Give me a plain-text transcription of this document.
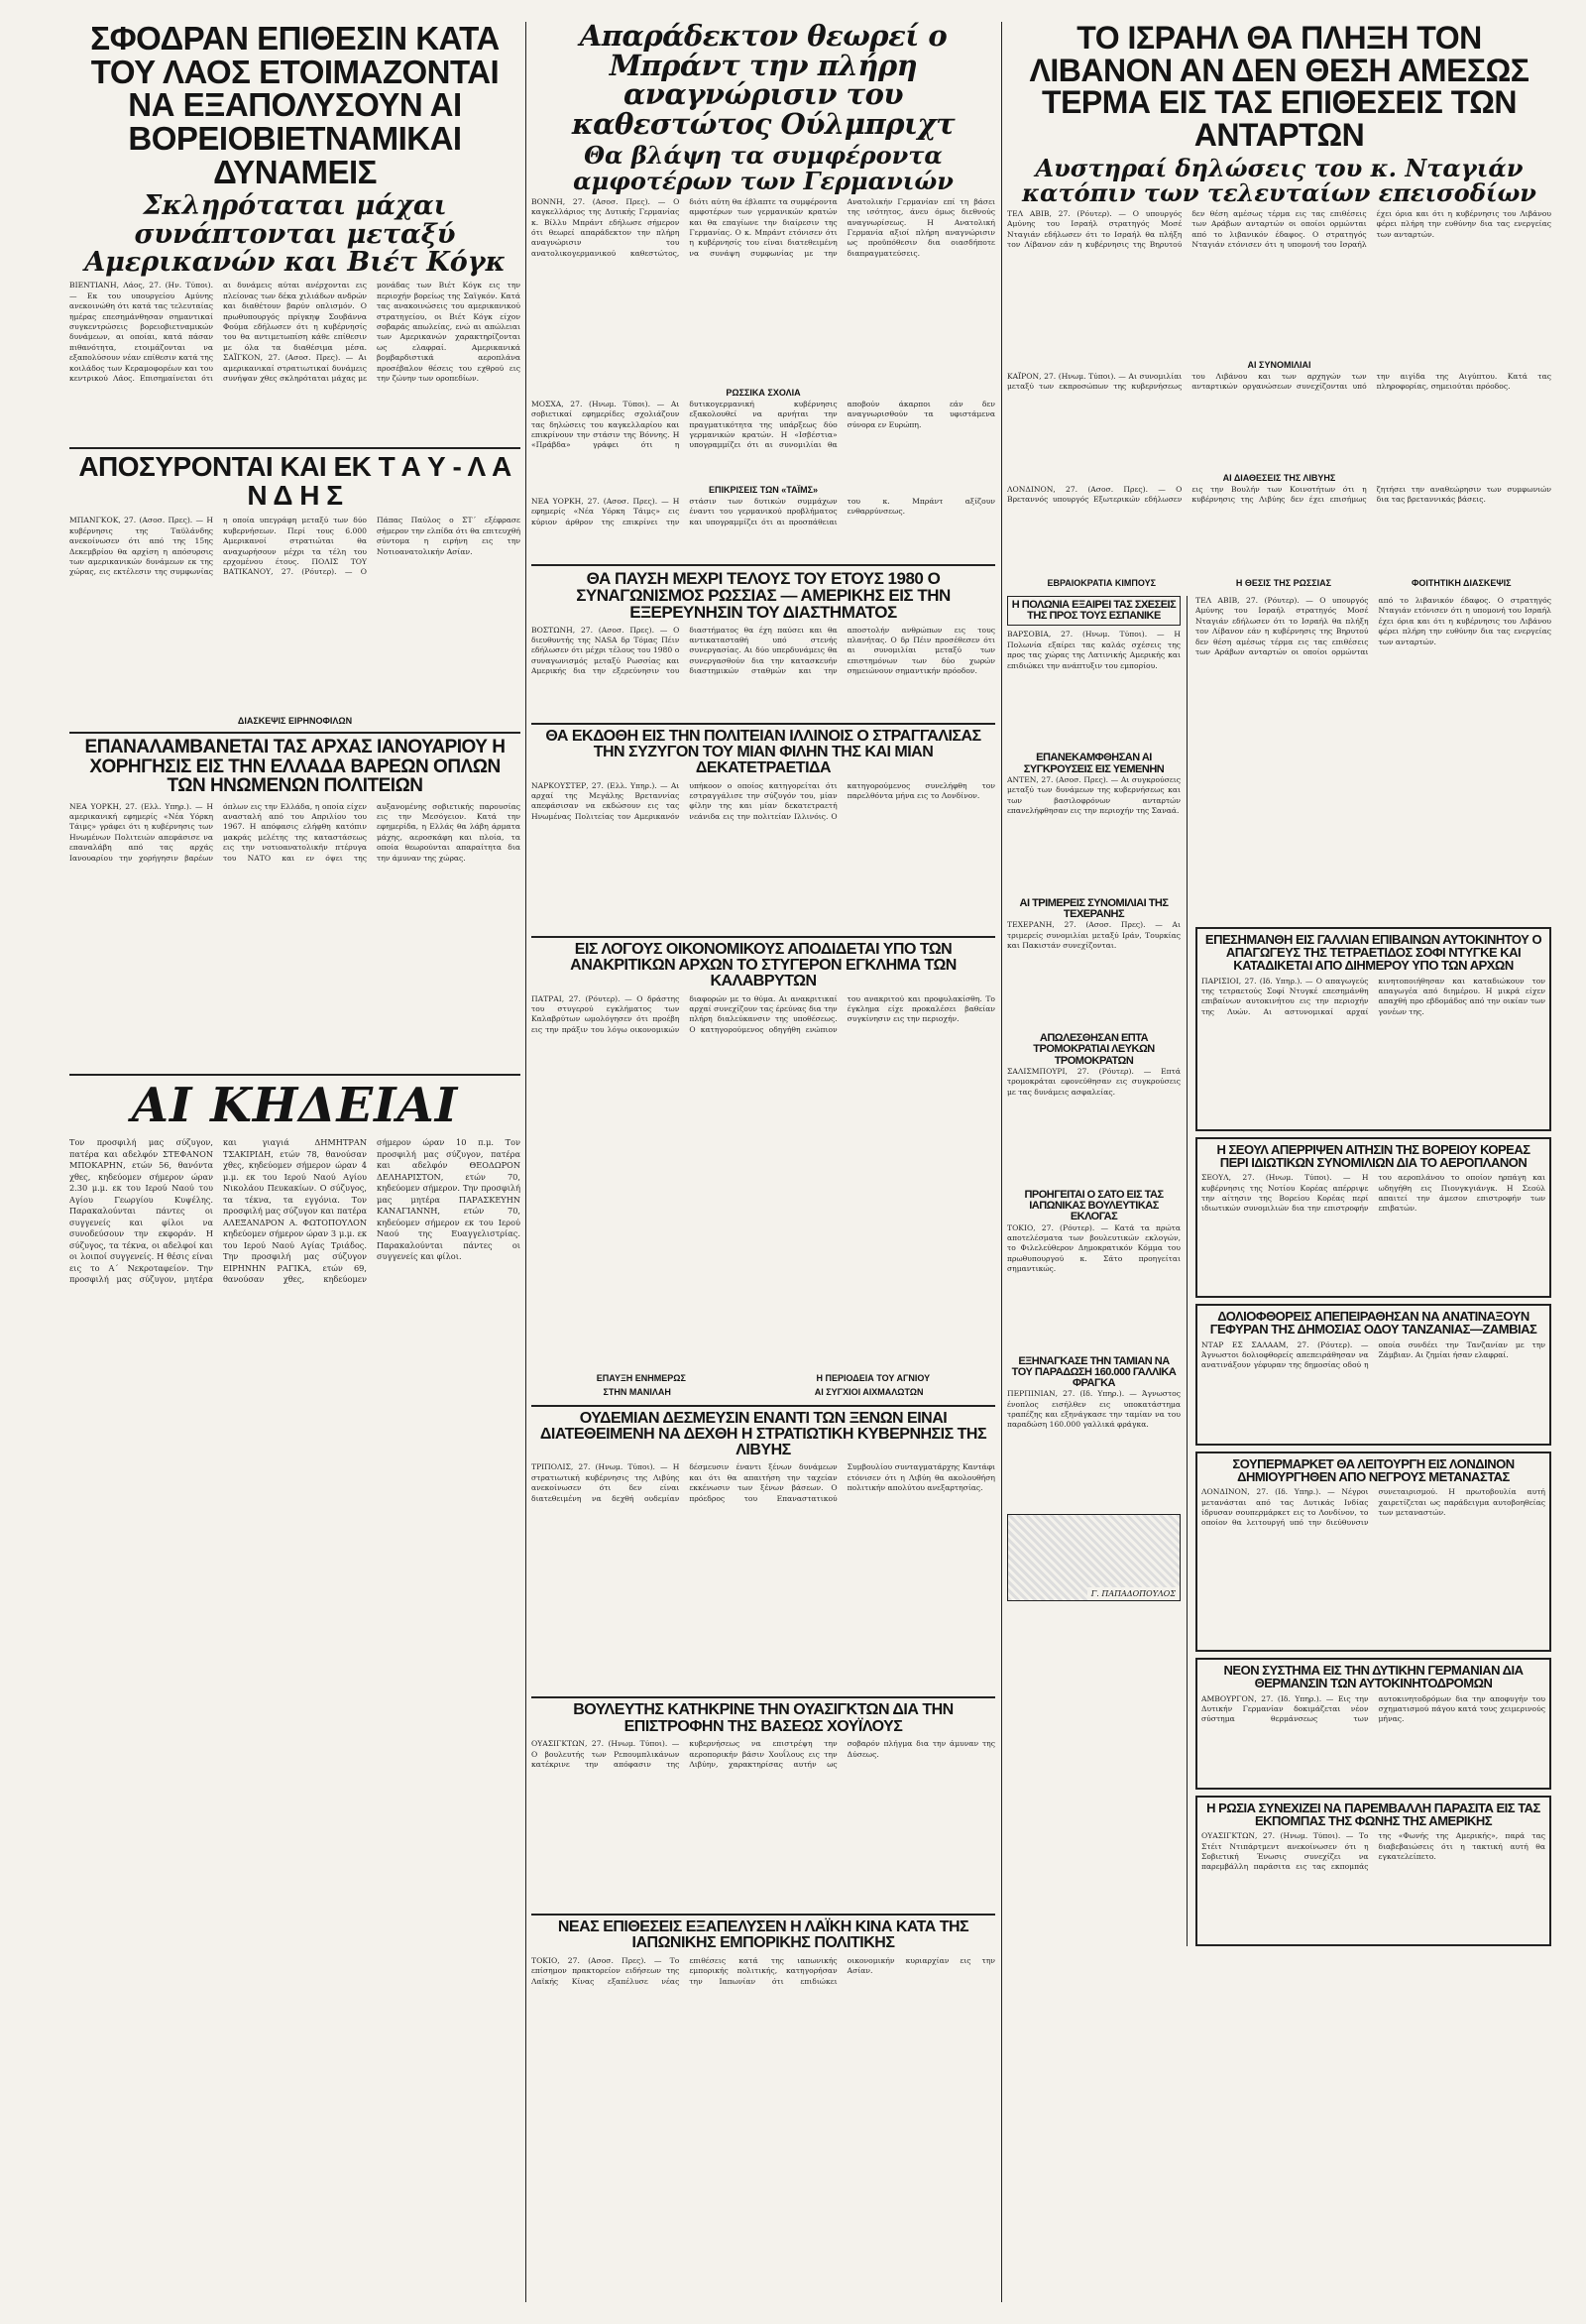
ΣΦΟΔΡΑΝ ΕΠΙΘΕΣΙΝ ΚΑΤΑ ΤΟΥ ΛΑΟΣ ΕΤΟΙΜΑΖΟΝΤΑΙ ΝΑ ΕΞΑΠΟΛΥΣΟΥΝ ΑΙ ΒΟΡΕΙΟΒΙΕΤΝΑΜΙΚΑΙ ΔΥΝΑΜΕΙΣ
Σκληρόταται μάχαι συνάπτονται μεταξύ Αμερικανών και Βιέτ Κόγκ
ΒΙΕΝΤΙΑΝΗ, Λάος, 27. (Ην. Τύποι). — Εκ του υπουργείου Αμύνης ανεκοινώθη ότι κατά τας τελευταίας ημέρας επεσημάνθησαν σημαντικαί συγκεντρώσεις βορειοβιετναμικών δυνάμεων, αι οποίαι, κατά πάσαν πιθανότητα, ετοιμάζονται να εξαπολύσουν νέαν επίθεσιν κατά της κοιλάδος των Κεραμοφορέων και του κεντρικού Λάος. Επισημαίνεται ότι αι δυνάμεις αύται ανέρχονται εις πλείονας των δέκα χιλιάδων ανδρών και διαθέτουν βαρύν οπλισμόν. Ο πρωθυπουργός πρίγκηψ Σουβάννα Φούμα εδήλωσεν ότι η κυβέρνησίς του θα αντιμετωπίση κάθε επίθεσιν με όλα τα διαθέσιμα μέσα. ΣΑΪΓΚΟΝ, 27. (Ασοσ. Πρες). — Αι αμερικανικαί στρατιωτικαί δυνάμεις συνήψαν χθες σκληρόταται μάχας με μονάδας των Βιέτ Κόγκ εις την περιοχήν βορείως της Σαϊγκόν. Κατά τας ανακοινώσεις του αμερικανικού στρατηγείου, οι Βιέτ Κόγκ είχον σοβαράς απωλείας, ενώ αι απώλειαι των Αμερικανών χαρακτηρίζονται ως ελαφραί. Αμερικανικά βομβαρδιστικά αεροπλάνα προσέβαλον θέσεις του εχθρού εις την ζώνην των οροπεδίων.
ΑΠΟΣΥΡΟΝΤΑΙ ΚΑΙ ΕΚ Τ Α Υ - Λ Α Ν Δ Η Σ
ΜΠΑΝΓΚΟΚ, 27. (Ασοσ. Πρες). — Η κυβέρνησις της Ταϋλάνδης ανεκοίνωσεν ότι από της 15ης Δεκεμβρίου θα αρχίση η απόσυρσις των αμερικανικών δυνάμεων εκ της χώρας, εις εκτέλεσιν της συμφωνίας η οποία υπεγράφη μεταξύ των δύο κυβερνήσεων. Περί τους 6.000 Αμερικανοί στρατιώται θα αναχωρήσουν μέχρι τα τέλη του ερχομένου έτους. ΠΟΛΙΣ ΤΟΥ ΒΑΤΙΚΑΝΟΥ, 27. (Ρόυτερ). — Ο Πάπας Παύλος ο ΣΤ΄ εξέφρασε σήμερον την ελπίδα ότι θα επιτευχθή σύντομα η ειρήνη εις την Νοτιοανατολικήν Ασίαν.
ΔΙΑΣΚΕΨΙΣ ΕΙΡΗΝΟΦΙΛΩΝ
ΕΠΑΝΑΛΑΜΒΑΝΕΤΑΙ ΤΑΣ ΑΡΧΑΣ ΙΑΝΟΥΑΡΙΟΥ Η ΧΟΡΗΓΗΣΙΣ ΕΙΣ ΤΗΝ ΕΛΛΑΔΑ ΒΑΡΕΩΝ ΟΠΛΩΝ ΤΩΝ ΗΝΩΜΕΝΩΝ ΠΟΛΙΤΕΙΩΝ
ΝΕΑ ΥΟΡΚΗ, 27. (Ελλ. Υπηρ.). — Η αμερικανική εφημερίς «Νέα Υόρκη Τάιμς» γράφει ότι η κυβέρνησις των Ηνωμένων Πολιτειών απεφάσισε να επαναλάβη από τας αρχάς Ιανουαρίου την χορήγησιν βαρέων όπλων εις την Ελλάδα, η οποία είχεν ανασταλή από του Απριλίου του 1967. Η απόφασις ελήφθη κατόπιν μακράς μελέτης της καταστάσεως εις την νοτιοανατολικήν πτέρυγα του ΝΑΤΟ και εν όψει της αυξανομένης σοβιετικής παρουσίας εις την Μεσόγειον. Κατά την εφημερίδα, η Ελλάς θα λάβη άρματα μάχης, αεροσκάφη και πλοία, τα οποία θεωρούνται απαραίτητα δια την άμυναν της χώρας.
ΑΙ ΚΗΔΕΙΑΙ
Τον προσφιλή μας σύζυγον, πατέρα και αδελφόν ΣΤΕΦΑΝΟΝ ΜΠΟΚΑΡΗΝ, ετών 56, θανόντα χθες, κηδεύομεν σήμερον ώραν 2.30 μ.μ. εκ του Ιερού Ναού του Αγίου Γεωργίου Κυψέλης. Παρακαλούνται πάντες οι συγγενείς και φίλοι να συνοδεύσουν την εκφοράν. Η σύζυγος, τα τέκνα, οι αδελφοί και οι λοιποί συγγενείς. Η θέσις είναι εις το Α΄ Νεκροταφείον. Την προσφιλή μας σύζυγον, μητέρα και γιαγιά ΔΗΜΗΤΡΑΝ ΤΣΑΚΙΡΙΔΗ, ετών 78, θανούσαν χθες, κηδεύομεν σήμερον ώραν 4 μ.μ. εκ του Ιερού Ναού Αγίου Νικολάου Πευκακίων. Ο σύζυγος, τα τέκνα, τα εγγόνια. Τον προσφιλή μας σύζυγον και πατέρα ΑΛΕΞΑΝΔΡΟΝ Α. ΦΩΤΟΠΟΥΛΟΝ κηδεύομεν σήμερον ώραν 3 μ.μ. εκ του Ιερού Ναού Αγίας Τριάδος. Την προσφιλή μας σύζυγον ΕΙΡΗΝΗΝ ΡΑΓΙΚΑ, ετών 69, θανούσαν χθες, κηδεύομεν σήμερον ώραν 10 π.μ. Τον προσφιλή μας σύζυγον, πατέρα και αδελφόν ΘΕΟΔΩΡΟΝ ΔΕΛΗΑΡΙΣΤΟΝ, ετών 70, κηδεύομεν σήμερον. Την προσφιλή μας μητέρα ΠΑΡΑΣΚΕΥΗΝ ΚΑΝΑΓΙΑΝΝΗ, ετών 70, κηδεύομεν σήμερον εκ του Ιερού Ναού της Ευαγγελιστρίας. Παρακαλούνται πάντες οι συγγενείς και φίλοι.
Απαράδεκτον θεωρεί ο Μπράντ την πλήρη αναγνώρισιν του καθεστώτος Ούλμπριχτ
Θα βλάψη τα συμφέροντα αμφοτέρων των Γερμανιών
ΒΟΝΝΗ, 27. (Ασοσ. Πρες). — Ο καγκελλάριος της Δυτικής Γερμανίας κ. Βίλλυ Μπράντ εδήλωσε σήμερον ότι θεωρεί απαράδεκτον την πλήρη αναγνώρισιν του ανατολικογερμανικού καθεστώτος, διότι αύτη θα έβλαπτε τα συμφέροντα αμφοτέρων των γερμανικών κρατών και θα επαγίωνε την διαίρεσιν της Γερμανίας. Ο κ. Μπράντ ετόνισεν ότι η κυβέρνησίς του είναι διατεθειμένη να συνάψη συμφωνίας με την Ανατολικήν Γερμανίαν επί τη βάσει της ισότητος, άνευ όμως διεθνούς αναγνωρίσεως. Η Ανατολική Γερμανία αξιοί πλήρη αναγνώρισιν ως προϋπόθεσιν δια οιασδήποτε διαπραγματεύσεις.
ΡΩΣΣΙΚΑ ΣΧΟΛΙΑ
ΜΟΣΧΑ, 27. (Ηνωμ. Τύποι). — Αι σοβιετικαί εφημερίδες σχολιάζουν τας δηλώσεις του καγκελλαρίου και επικρίνουν την στάσιν της Βόννης. Η «Πράβδα» γράφει ότι η δυτικογερμανική κυβέρνησις εξακολουθεί να αρνήται την πραγματικότητα της υπάρξεως δύο γερμανικών κρατών. Η «Ισβέστια» υπογραμμίζει ότι αι συνομιλίαι θα αποβούν άκαρποι εάν δεν αναγνωρισθούν τα υφιστάμενα σύνορα εν Ευρώπη.
ΕΠΙΚΡΙΣΕΙΣ ΤΩΝ «ΤΑΪΜΣ»
ΝΕΑ ΥΟΡΚΗ, 27. (Ασοσ. Πρες). — Η εφημερίς «Νέα Υόρκη Τάιμς» εις κύριον άρθρον της επικρίνει την στάσιν των δυτικών συμμάχων έναντι του γερμανικού προβλήματος και υπογραμμίζει ότι αι προσπάθειαι του κ. Μπράντ αξίζουν ενθαρρύνσεως.
ΘΑ ΠΑΥΣΗ ΜΕΧΡΙ ΤΕΛΟΥΣ ΤΟΥ ΕΤΟΥΣ 1980 Ο ΣΥΝΑΓΩΝΙΣΜΟΣ ΡΩΣΣΙΑΣ — ΑΜΕΡΙΚΗΣ ΕΙΣ ΤΗΝ ΕΞΕΡΕΥΝΗΣΙΝ ΤΟΥ ΔΙΑΣΤΗΜΑΤΟΣ
ΒΟΣΤΩΝΗ, 27. (Ασοσ. Πρες). — Ο διευθυντής της NASA δρ Τόμας Πέιν εδήλωσεν ότι μέχρι τέλους του 1980 ο συναγωνισμός μεταξύ Ρωσσίας και Αμερικής δια την εξερεύνησιν του διαστήματος θα έχη παύσει και θα αντικατασταθή υπό στενής συνεργασίας. Αι δύο υπερδυνάμεις θα συνεργασθούν δια την κατασκευήν διαστημικών σταθμών και την αποστολήν ανθρώπων εις τους πλανήτας. Ο δρ Πέιν προσέθεσεν ότι αι συνομιλίαι μεταξύ των επιστημόνων των δύο χωρών σημειώνουν σημαντικήν πρόοδον.
ΘΑ ΕΚΔΟΘΗ ΕΙΣ ΤΗΝ ΠΟΛΙΤΕΙΑΝ ΙΛΛΙΝΟΙΣ Ο ΣΤΡΑΓΓΑΛΙΣΑΣ ΤΗΝ ΣΥΖΥΓΟΝ ΤΟΥ ΜΙΑΝ ΦΙΛΗΝ ΤΗΣ ΚΑΙ ΜΙΑΝ ΔΕΚΑΤΕΤΡΑΕΤΙΔΑ
ΝΑΡΚΟΥΣΤΕΡ, 27. (Ελλ. Υπηρ.). — Αι αρχαί της Μεγάλης Βρεταννίας απεφάσισαν να εκδώσουν εις τας Ηνωμένας Πολιτείας τον Αμερικανόν υπήκοον ο οποίος κατηγορείται ότι εστραγγάλισε την σύζυγόν του, μίαν φίλην της και μίαν δεκατετραετή νεάνιδα εις την πολιτείαν Ιλλινόις. Ο κατηγορούμενος συνελήφθη τον παρελθόντα μήνα εις το Λονδίνον.
ΕΙΣ ΛΟΓΟΥΣ ΟΙΚΟΝΟΜΙΚΟΥΣ ΑΠΟΔΙΔΕΤΑΙ ΥΠΟ ΤΩΝ ΑΝΑΚΡΙΤΙΚΩΝ ΑΡΧΩΝ ΤΟ ΣΤΥΓΕΡΟΝ ΕΓΚΛΗΜΑ ΤΩΝ ΚΑΛΑΒΡΥΤΩΝ
ΠΑΤΡΑΙ, 27. (Ρόυτερ). — Ο δράστης του στυγερού εγκλήματος των Καλαβρύτων ωμολόγησεν ότι προέβη εις την πράξιν του λόγω οικονομικών διαφορών με το θύμα. Αι ανακριτικαί αρχαί συνεχίζουν τας έρεύνας δια την πλήρη διαλεύκανσιν της υποθέσεως. Ο κατηγορούμενος οδηγήθη ενώπιον του ανακριτού και προφυλακίσθη. Το έγκλημα είχε προκαλέσει βαθείαν συγκίνησιν εις την περιοχήν.
ΕΠΑΥΞΗ ΕΝΗΜΕΡΩΣ	Η ΠΕΡΙΟΔΕΙΑ ΤΟΥ ΑΓΝΙΟΥ
ΣΤΗΝ ΜΑΝΙΛΑΗ	ΑΙ ΣΥΓΧΙΟΙ ΑΙΧΜΑΛΩΤΩΝ
ΟΥΔΕΜΙΑΝ ΔΕΣΜΕΥΣΙΝ ΕΝΑΝΤΙ ΤΩΝ ΞΕΝΩΝ ΕΙΝΑΙ ΔΙΑΤΕΘΕΙΜΕΝΗ ΝΑ ΔΕΧΘΗ Η ΣΤΡΑΤΙΩΤΙΚΗ ΚΥΒΕΡΝΗΣΙΣ ΤΗΣ ΛΙΒΥΗΣ
ΤΡΙΠΟΛΙΣ, 27. (Ηνωμ. Τύποι). — Η στρατιωτική κυβέρνησις της Λιβύης ανεκοίνωσεν ότι δεν είναι διατεθειμένη να δεχθή ουδεμίαν δέσμευσιν έναντι ξένων δυνάμεων και ότι θα απαιτήση την ταχείαν εκκένωσιν των ξένων βάσεων. Ο πρόεδρος του Επαναστατικού Συμβουλίου συνταγματάρχης Καντάφι ετόνισεν ότι η Λιβύη θα ακολουθήση πολιτικήν απολύτου ανεξαρτησίας.
ΒΟΥΛΕΥΤΗΣ ΚΑΤΗΚΡΙΝΕ ΤΗΝ ΟΥΑΣΙΓΚΤΩΝ ΔΙΑ ΤΗΝ ΕΠΙΣΤΡΟΦΗΝ ΤΗΣ ΒΑΣΕΩΣ ΧΟΥΪΛΟΥΣ
ΟΥΑΣΙΓΚΤΩΝ, 27. (Ηνωμ. Τύποι). — Ο βουλευτής των Ρεπουμπλικάνων κατέκρινε την απόφασιν της κυβερνήσεως να επιστρέψη την αεροπορικήν βάσιν Χουΐλους εις την Λιβύην, χαρακτηρίσας αυτήν ως σοβαρόν πλήγμα δια την άμυναν της Δύσεως.
ΝΕΑΣ ΕΠΙΘΕΣΕΙΣ ΕΞΑΠΕΛΥΣΕΝ Η ΛΑΪΚΗ ΚΙΝΑ ΚΑΤΑ ΤΗΣ ΙΑΠΩΝΙΚΗΣ ΕΜΠΟΡΙΚΗΣ ΠΟΛΙΤΙΚΗΣ
ΤΟΚΙΟ, 27. (Ασοσ. Πρες). — Το επίσημον πρακτορείον ειδήσεων της Λαϊκής Κίνας εξαπέλυσε νέας επιθέσεις κατά της ιαπωνικής εμπορικής πολιτικής, κατηγορήσαν την Ιαπωνίαν ότι επιδιώκει οικονομικήν κυριαρχίαν εις την Ασίαν.
ΤΟ ΙΣΡΑΗΛ ΘΑ ΠΛΗΞΗ ΤΟΝ ΛΙΒΑΝΟΝ ΑΝ ΔΕΝ ΘΕΣΗ ΑΜΕΣΩΣ ΤΕΡΜΑ ΕΙΣ ΤΑΣ ΕΠΙΘΕΣΕΙΣ ΤΩΝ ΑΝΤΑΡΤΩΝ
Αυστηραί δηλώσεις του κ. Νταγιάν κατόπιν των τελευταίων επεισοδίων
ΤΕΛ ΑΒΙΒ, 27. (Ρόυτερ). — Ο υπουργός Αμύνης του Ισραήλ στρατηγός Μοσέ Νταγιάν εδήλωσεν ότι το Ισραήλ θα πλήξη τον Λίβανον εάν η κυβέρνησις της Βηρυτού δεν θέση αμέσως τέρμα εις τας επιθέσεις των Αράβων ανταρτών οι οποίοι ορμώνται από το λιβανικόν έδαφος. Ο στρατηγός Νταγιάν ετόνισεν ότι η υπομονή του Ισραήλ έχει όρια και ότι η κυβέρνησις του Λιβάνου φέρει πλήρη την ευθύνην δια τας ενεργείας των ανταρτών.
ΑΙ ΣΥΝΟΜΙΛΙΑΙ
ΚΑΪΡΟΝ, 27. (Ηνωμ. Τύποι). — Αι συνομιλίαι μεταξύ των εκπροσώπων της κυβερνήσεως του Λιβάνου και των αρχηγών των ανταρτικών οργανώσεων συνεχίζονται υπό την αιγίδα της Αιγύπτου. Κατά τας πληροφορίας, σημειούται πρόοδος.
ΑΙ ΔΙΑΘΕΣΕΙΣ ΤΗΣ ΛΙΒΥΗΣ
ΛΟΝΔΙΝΟΝ, 27. (Ασοσ. Πρες). — Ο Βρεταννός υπουργός Εξωτερικών εδήλωσεν εις την Βουλήν των Κοινοτήτων ότι η κυβέρνησις της Λιβύης δεν έχει επισήμως ζητήσει την αναθεώρησιν των συμφωνιών δια τας βρεταννικάς βάσεις.
ΕΒΡΑΙΟΚΡΑΤΙΑ ΚΙΜΠΟΥΣ	Η ΘΕΣΙΣ ΤΗΣ ΡΩΣΣΙΑΣ	ΦΟΙΤΗΤΙΚΗ ΔΙΑΣΚΕΨΙΣ
Η ΠΟΛΩΝΙΑ ΕΞΑΙΡΕΙ ΤΑΣ ΣΧΕΣΕΙΣ ΤΗΣ ΠΡΟΣ ΤΟΥΣ ΕΣΠΑΝΙΚΕ
ΒΑΡΣΟΒΙΑ, 27. (Ηνωμ. Τύποι). — Η Πολωνία εξαίρει τας καλάς σχέσεις της προς τας χώρας της Λατινικής Αμερικής και επιδιώκει την ανάπτυξιν του εμπορίου.
ΕΠΑΝΕΚΑΜΦΘΗΣΑΝ ΑΙ ΣΥΓΚΡΟΥΣΕΙΣ ΕΙΣ ΥΕΜΕΝΗΝ
ΑΝΤΕΝ, 27. (Ασοσ. Πρες). — Αι συγκρούσεις μεταξύ των δυνάμεων της κυβερνήσεως και των βασιλοφρόνων ανταρτών επανελήφθησαν εις την περιοχήν της Σαναά.
ΑΙ ΤΡΙΜΕΡΕΙΣ ΣΥΝΟΜΙΛΙΑΙ ΤΗΣ ΤΕΧΕΡΑΝΗΣ
ΤΕΧΕΡΑΝΗ, 27. (Ασοσ. Πρες). — Αι τριμερείς συνομιλίαι μεταξύ Ιράν, Τουρκίας και Πακιστάν συνεχίζονται.
ΑΠΩΛΕΣΘΗΣΑΝ ΕΠΤΑ ΤΡΟΜΟΚΡΑΤΙΑΙ ΛΕΥΚΩΝ ΤΡΟΜΟΚΡΑΤΩΝ
ΣΑΛΙΣΜΠΟΥΡΙ, 27. (Ρόυτερ). — Επτά τρομοκράται εφονεύθησαν εις συγκρούσεις με τας δυνάμεις ασφαλείας.
ΠΡΟΗΓΕΙΤΑΙ Ο ΣΑΤΟ ΕΙΣ ΤΑΣ ΙΑΠΩΝΙΚΑΣ ΒΟΥΛΕΥΤΙΚΑΣ ΕΚΛΟΓΑΣ
ΤΟΚΙΟ, 27. (Ρόυτερ). — Κατά τα πρώτα αποτελέσματα των βουλευτικών εκλογών, το Φιλελεύθερον Δημοκρατικόν Κόμμα του πρωθυπουργού κ. Σάτο προηγείται σημαντικώς.
ΕΞΗΝΑΓΚΑΣΕ ΤΗΝ ΤΑΜΙΑΝ ΝΑ ΤΟΥ ΠΑΡΑΔΩΣΗ 160.000 ΓΑΛΛΙΚΑ ΦΡΑΓΚΑ
ΠΕΡΠΙΝΙΑΝ, 27. (Ιδ. Υπηρ.). — Άγνωστος ένοπλος εισήλθεν εις υποκατάστημα τραπέζης και εξηνάγκασε την ταμίαν να του παραδώση 160.000 γαλλικά φράγκα.
Γ. ΠΑΠΑΔΟΠΟΥΛΟΣ
ΤΕΛ ΑΒΙΒ, 27. (Ρόυτερ). — Ο υπουργός Αμύνης του Ισραήλ στρατηγός Μοσέ Νταγιάν εδήλωσεν ότι το Ισραήλ θα πλήξη τον Λίβανον εάν η κυβέρνησις της Βηρυτού δεν θέση αμέσως τέρμα εις τας επιθέσεις των Αράβων ανταρτών οι οποίοι ορμώνται από το λιβανικόν έδαφος. Ο στρατηγός Νταγιάν ετόνισεν ότι η υπομονή του Ισραήλ έχει όρια και ότι η κυβέρνησις του Λιβάνου φέρει πλήρη την ευθύνην δια τας ενεργείας των ανταρτών.
ΕΠΕΣΗΜΑΝΘΗ ΕΙΣ ΓΑΛΛΙΑΝ ΕΠΙΒΑΙΝΩΝ ΑΥΤΟΚΙΝΗΤΟΥ Ο ΑΠΑΓΩΓΕΥΣ ΤΗΣ ΤΕΤΡΑΕΤΙΔΟΣ ΣΟΦΙ ΝΤΥΓΚΕ ΚΑΙ ΚΑΤΑΔΙΚΕΤΑΙ ΑΠΟ ΔΙΗΜΕΡΟΥ ΥΠΟ ΤΩΝ ΑΡΧΩΝ
ΠΑΡΙΣΙΟΙ, 27. (Ιδ. Υπηρ.). — Ο απαγωγεύς της τετραετούς Σοφί Ντυγκέ επεσημάνθη επιβαίνων αυτοκινήτου εις την περιοχήν της Λυών. Αι αστυνομικαί αρχαί κινητοποιήθησαν και καταδιώκουν τον απαγωγέα από διημέρου. Η μικρά είχεν απαχθή προ εβδομάδος από την οικίαν των γονέων της.
Η ΣΕΟΥΛ ΑΠΕΡΡΙΨΕΝ ΑΙΤΗΣΙΝ ΤΗΣ ΒΟΡΕΙΟΥ ΚΟΡΕΑΣ ΠΕΡΙ ΙΔΙΩΤΙΚΩΝ ΣΥΝΟΜΙΛΙΩΝ ΔΙΑ ΤΟ ΑΕΡΟΠΛΑΝΟΝ
ΣΕΟΥΛ, 27. (Ηνωμ. Τύποι). — Η κυβέρνησις της Νοτίου Κορέας απέρριψε την αίτησιν της Βορείου Κορέας περί ιδιωτικών συνομιλιών δια την επιστροφήν του αεροπλάνου το οποίον ηρπάγη και ωδηγήθη εις Πιονγκγιάνγκ. Η Σεούλ απαιτεί την άμεσον επιστροφήν των επιβατών.
ΔΟΛΙΟΦΘΟΡΕΙΣ ΑΠΕΠΕΙΡΑΘΗΣΑΝ ΝΑ ΑΝΑΤΙΝΑΞΟΥΝ ΓΕΦΥΡΑΝ ΤΗΣ ΔΗΜΟΣΙΑΣ ΟΔΟΥ ΤΑΝΖΑΝΙΑΣ—ΖΑΜΒΙΑΣ
ΝΤΑΡ ΕΣ ΣΑΛΑΑΜ, 27. (Ρόυτερ). — Άγνωστοι δολιοφθορείς απεπειράθησαν να ανατινάξουν γέφυραν της δημοσίας οδού η οποία συνδέει την Τανζανίαν με την Ζάμβιαν. Αι ζημίαι ήσαν ελαφραί.
ΣΟΥΠΕΡΜΑΡΚΕΤ ΘΑ ΛΕΙΤΟΥΡΓΗ ΕΙΣ ΛΟΝΔΙΝΟΝ ΔΗΜΙΟΥΡΓΗΘΕΝ ΑΠΟ ΝΕΓΡΟΥΣ ΜΕΤΑΝΑΣΤΑΣ
ΛΟΝΔΙΝΟΝ, 27. (Ιδ. Υπηρ.). — Νέγροι μετανάσται από τας Δυτικάς Ινδίας ίδρυσαν σουπερμάρκετ εις το Λονδίνον, το οποίον θα λειτουργή υπό την διεύθυνσιν συνεταιρισμού. Η πρωτοβουλία αυτή χαιρετίζεται ως παράδειγμα αυτοβοηθείας των μεταναστών.
ΝΕΟΝ ΣΥΣΤΗΜΑ ΕΙΣ ΤΗΝ ΔΥΤΙΚΗΝ ΓΕΡΜΑΝΙΑΝ ΔΙΑ ΘΕΡΜΑΝΣΙΝ ΤΩΝ ΑΥΤΟΚΙΝΗΤΟΔΡΟΜΩΝ
ΑΜΒΟΥΡΓΟΝ, 27. (Ιδ. Υπηρ.). — Εις την Δυτικήν Γερμανίαν δοκιμάζεται νέον σύστημα θερμάνσεως των αυτοκινητοδρόμων δια την αποφυγήν του σχηματισμού πάγου κατά τους χειμερινούς μήνας.
Η ΡΩΣΙΑ ΣΥΝΕΧΙΖΕΙ ΝΑ ΠΑΡΕΜΒΑΛΛΗ ΠΑΡΑΣΙΤΑ ΕΙΣ ΤΑΣ ΕΚΠΟΜΠΑΣ ΤΗΣ ΦΩΝΗΣ ΤΗΣ ΑΜΕΡΙΚΗΣ
ΟΥΑΣΙΓΚΤΩΝ, 27. (Ηνωμ. Τύποι). — Το Στέιτ Ντιπάρτμεντ ανεκοίνωσεν ότι η Σοβιετική Ένωσις συνεχίζει να παρεμβάλλη παράσιτα εις τας εκπομπάς της «Φωνής της Αμερικής», παρά τας διαβεβαιώσεις ότι η τακτική αυτή θα εγκατελείπετο.
